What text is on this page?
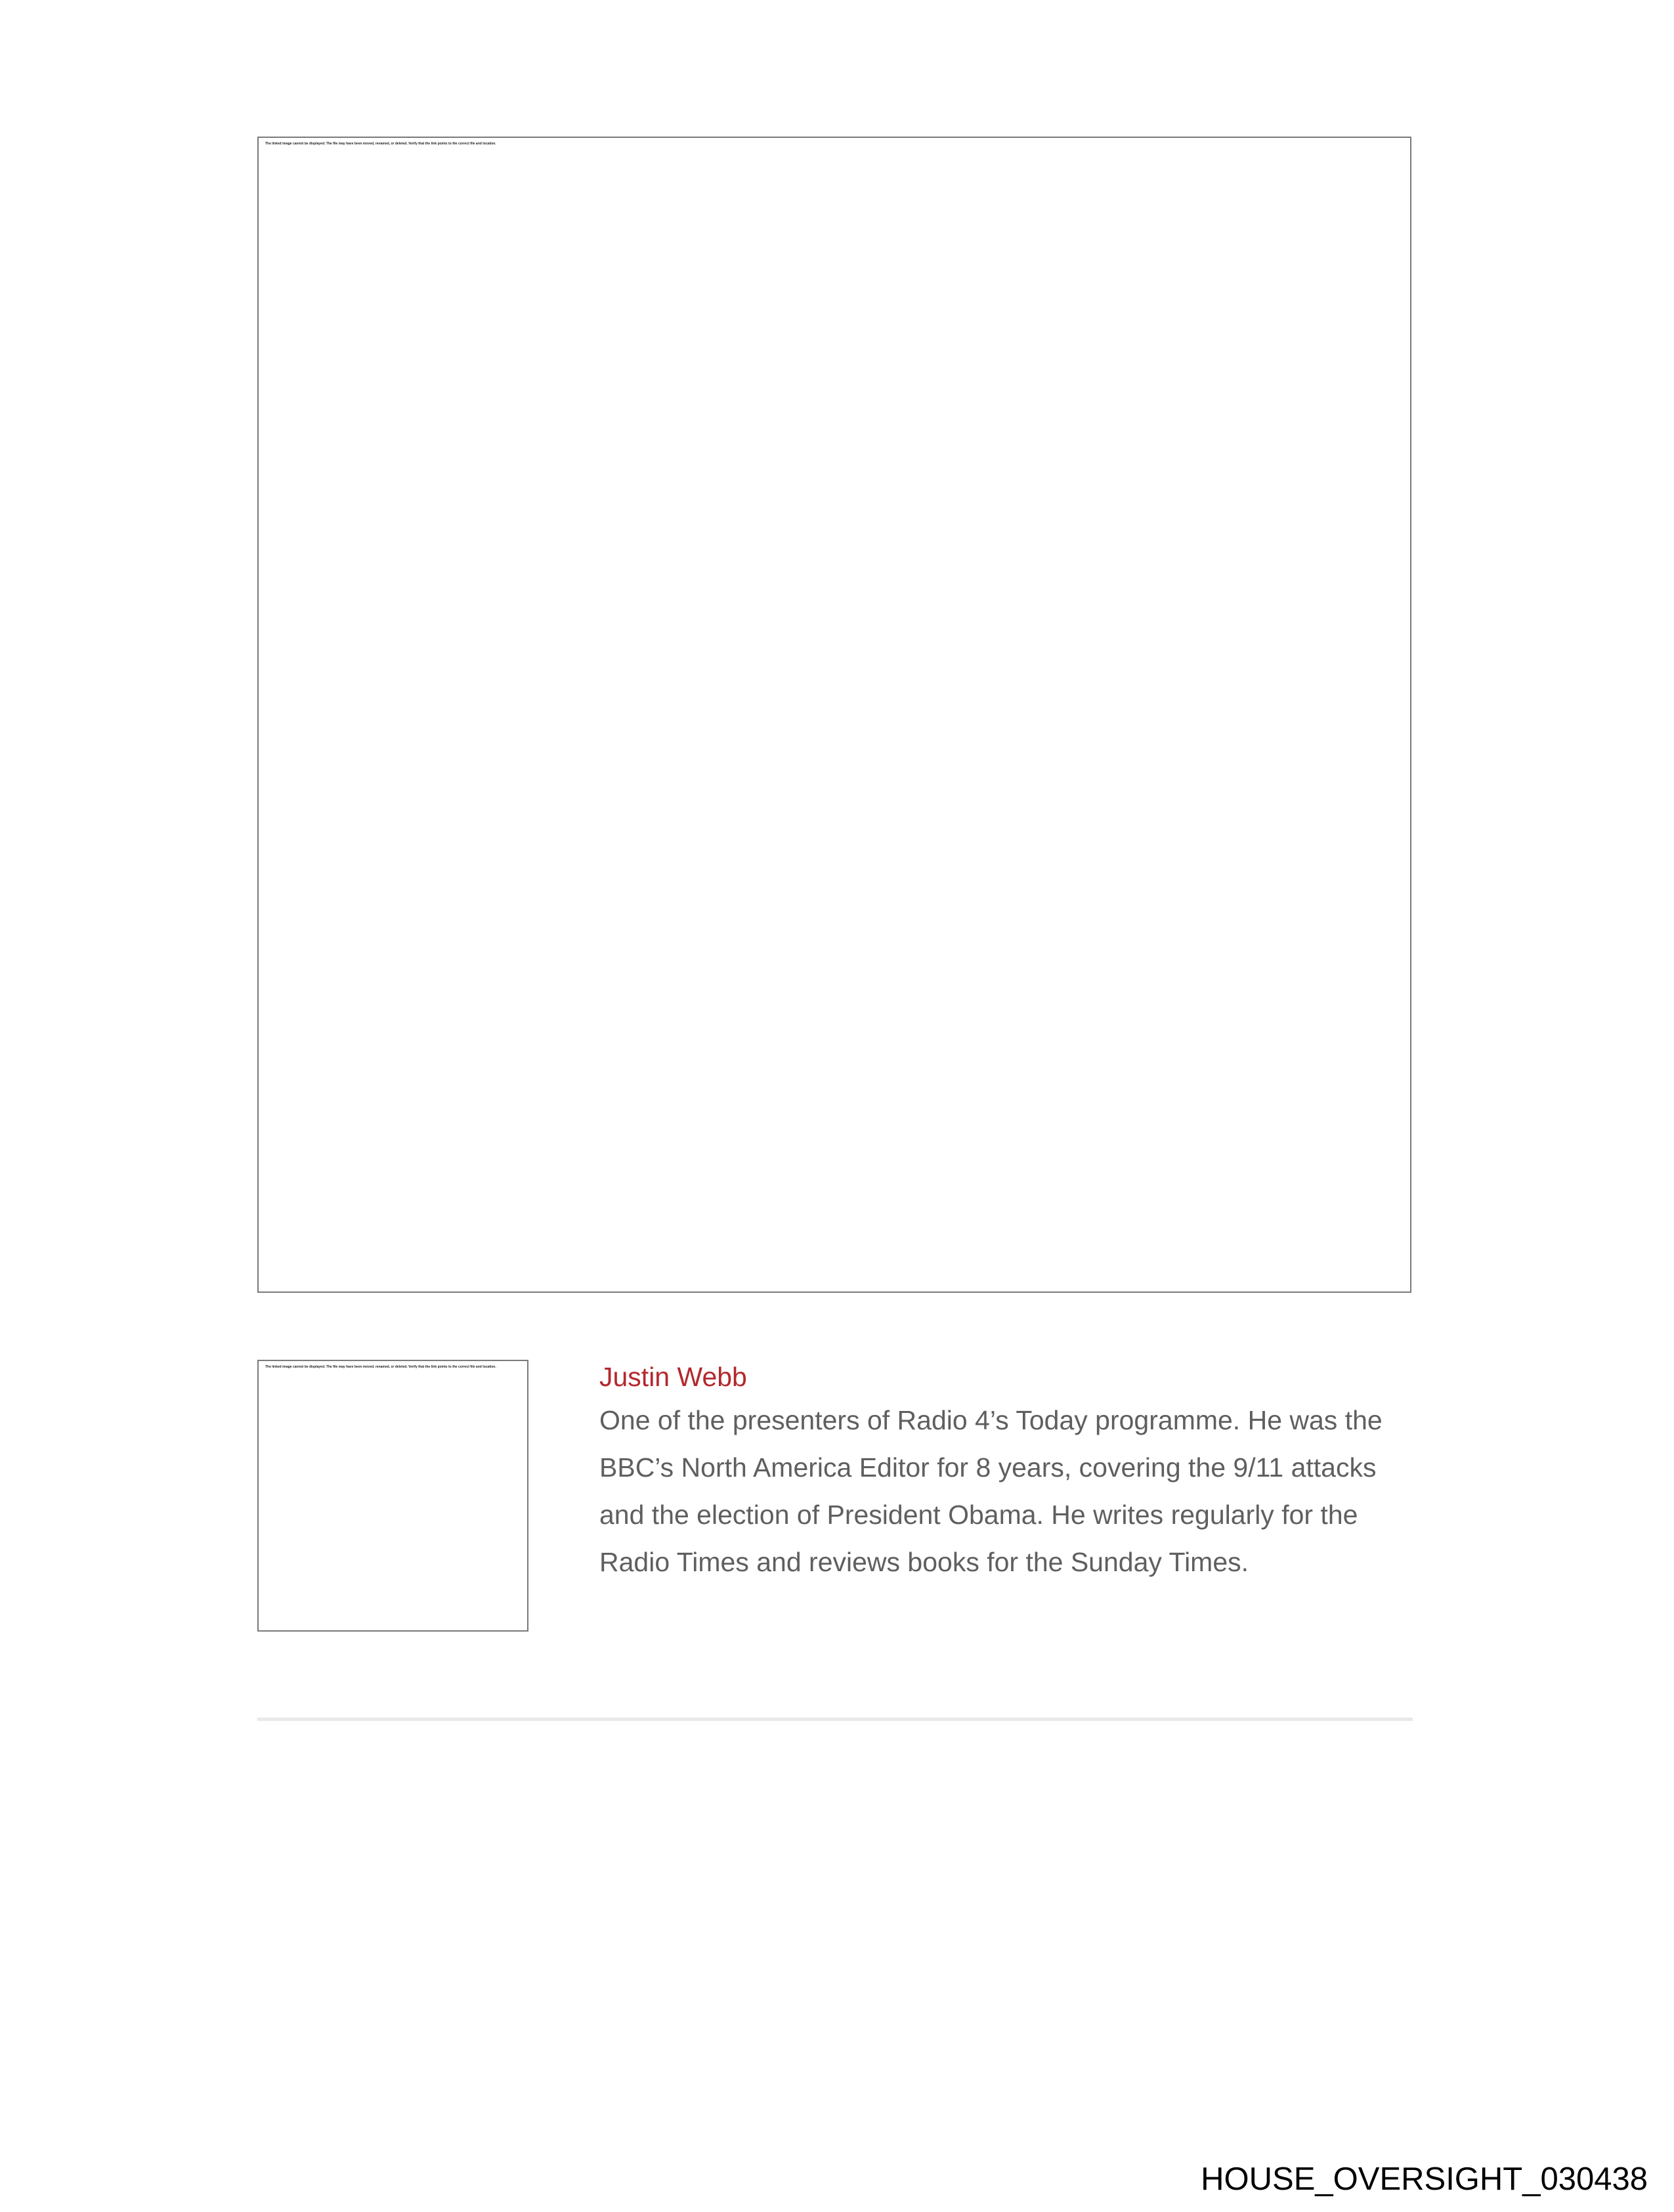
The linked image cannot be displayed. The file may have been moved, renamed, or deleted. Verify that the link points to the correct file and location.
The linked image cannot be displayed. The file may have been moved, renamed, or deleted. Verify that the link points to the correct file and location.	Justin Webb

One of the presenters of Radio 4’s Today programme. He was the BBC’s North America Editor for 8 years, covering the 9/11 attacks and the election of President Obama. He writes regularly for the Radio Times and reviews books for the Sunday Times.

HOUSE_OVERSIGHT_030438
